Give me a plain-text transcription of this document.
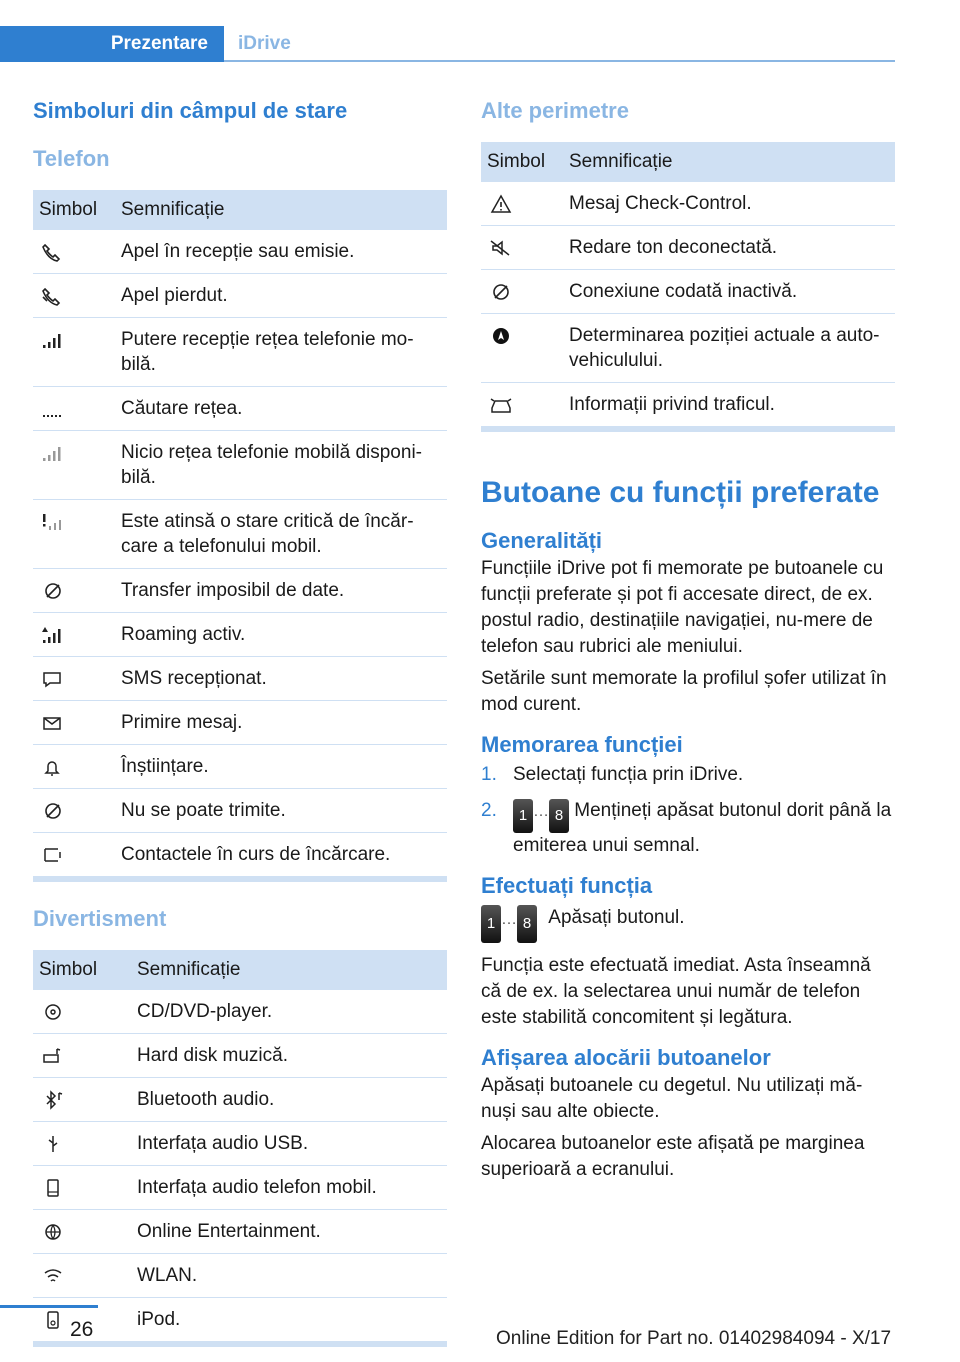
Prezentare	iDrive
Simboluri din câmpul de stare
Telefon
Simbol	Semnificație
	Apel în recepție sau emisie.
	Apel pierdut.
	Putere recepție rețea telefonie mo‐bilă.
	Căutare rețea.
	Nicio rețea telefonie mobilă disponi‐bilă.
	Este atinsă o stare critică de încăr‐care a telefonului mobil.
	Transfer imposibil de date.
	Roaming activ.
	SMS recepționat.
	Primire mesaj.
	Înștiințare.
	Nu se poate trimite.
	Contactele în curs de încărcare.
Divertisment
Simbol	Semnificație
	CD/DVD-player.
	Hard disk muzică.
	Bluetooth audio.
	Interfața audio USB.
	Interfața audio telefon mobil.
	Online Entertainment.
	WLAN.
	iPod.
Alte perimetre
Simbol	Semnificație
	Mesaj Check-Control.
	Redare ton deconectată.
	Conexiune codată inactivă.
	Determinarea poziției actuale a auto‐vehiculului.
	Informații privind traficul.
Butoane cu funcții preferate
Generalități

Funcțiile iDrive pot fi memorate pe butoanele cu funcții preferate și pot fi accesate direct, de ex. postul radio, destinațiile navigației, nu‐mere de telefon sau rubrici ale meniului.

Setările sunt memorate la profilul șofer utilizat în mod curent.

Memorarea funcției
1. Selectați funcția prin iDrive.
2. 1 … 8 Mențineți apăsat butonul dorit până la emiterea unui semnal.
Efectuați funcția
1 … 8 Apăsați butonul.

Funcția este efectuată imediat. Asta înseamnă că de ex. la selectarea unui număr de telefon este stabilită concomitent și legătura.

Afișarea alocării butoanelor

Apăsați butoanele cu degetul. Nu utilizați mă‐nuși sau alte obiecte.

Alocarea butoanelor este afișată pe marginea superioară a ecranului.

26	Online Edition for Part no. 01402984094 - X/17
